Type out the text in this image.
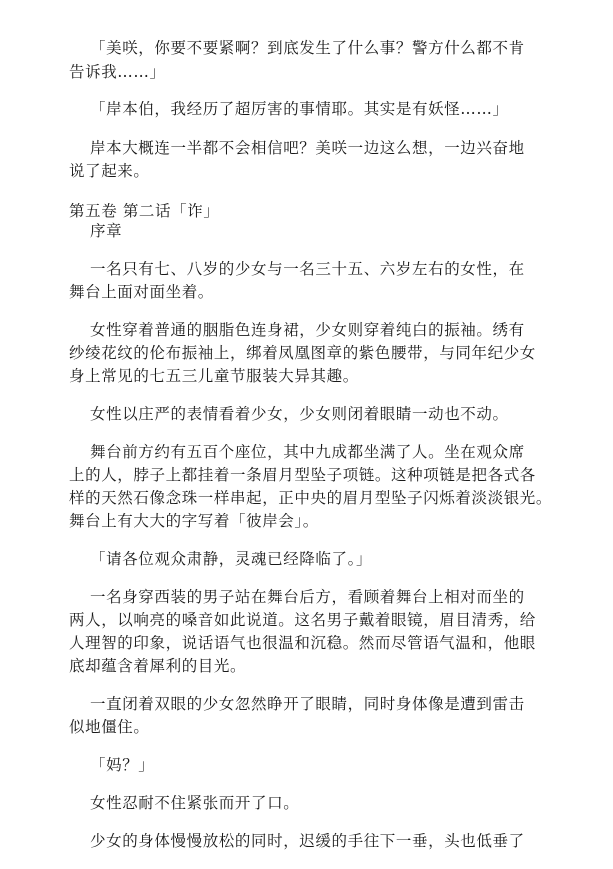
「美咲，你要不要紧啊？到底发生了什么事？警方什么都不肯
告诉我……」
「岸本伯，我经历了超厉害的事情耶。其实是有妖怪……」
岸本大概连一半都不会相信吧？美咲一边这么想，一边兴奋地
说了起来。
第五卷 第二话「诈」
序章
一名只有七、八岁的少女与一名三十五、六岁左右的女性，在
舞台上面对面坐着。
女性穿着普通的胭脂色连身裙，少女则穿着纯白的振袖。绣有
纱绫花纹的伦布振袖上，绑着凤凰图章的紫色腰带，与同年纪少女
身上常见的七五三儿童节服装大异其趣。
女性以庄严的表情看着少女，少女则闭着眼睛一动也不动。
舞台前方约有五百个座位，其中九成都坐满了人。坐在观众席
上的人，脖子上都挂着一条眉月型坠子项链。这种项链是把各式各
样的天然石像念珠一样串起，正中央的眉月型坠子闪烁着淡淡银光。
舞台上有大大的字写着「彼岸会」。
「请各位观众肃静，灵魂已经降临了。」
一名身穿西装的男子站在舞台后方，看顾着舞台上相对而坐的
两人，以响亮的嗓音如此说道。这名男子戴着眼镜，眉目清秀，给
人理智的印象，说话语气也很温和沉稳。然而尽管语气温和，他眼
底却蕴含着犀利的目光。
一直闭着双眼的少女忽然睁开了眼睛，同时身体像是遭到雷击
似地僵住。
「妈？」
女性忍耐不住紧张而开了口。
少女的身体慢慢放松的同时，迟缓的手往下一垂，头也低垂了
